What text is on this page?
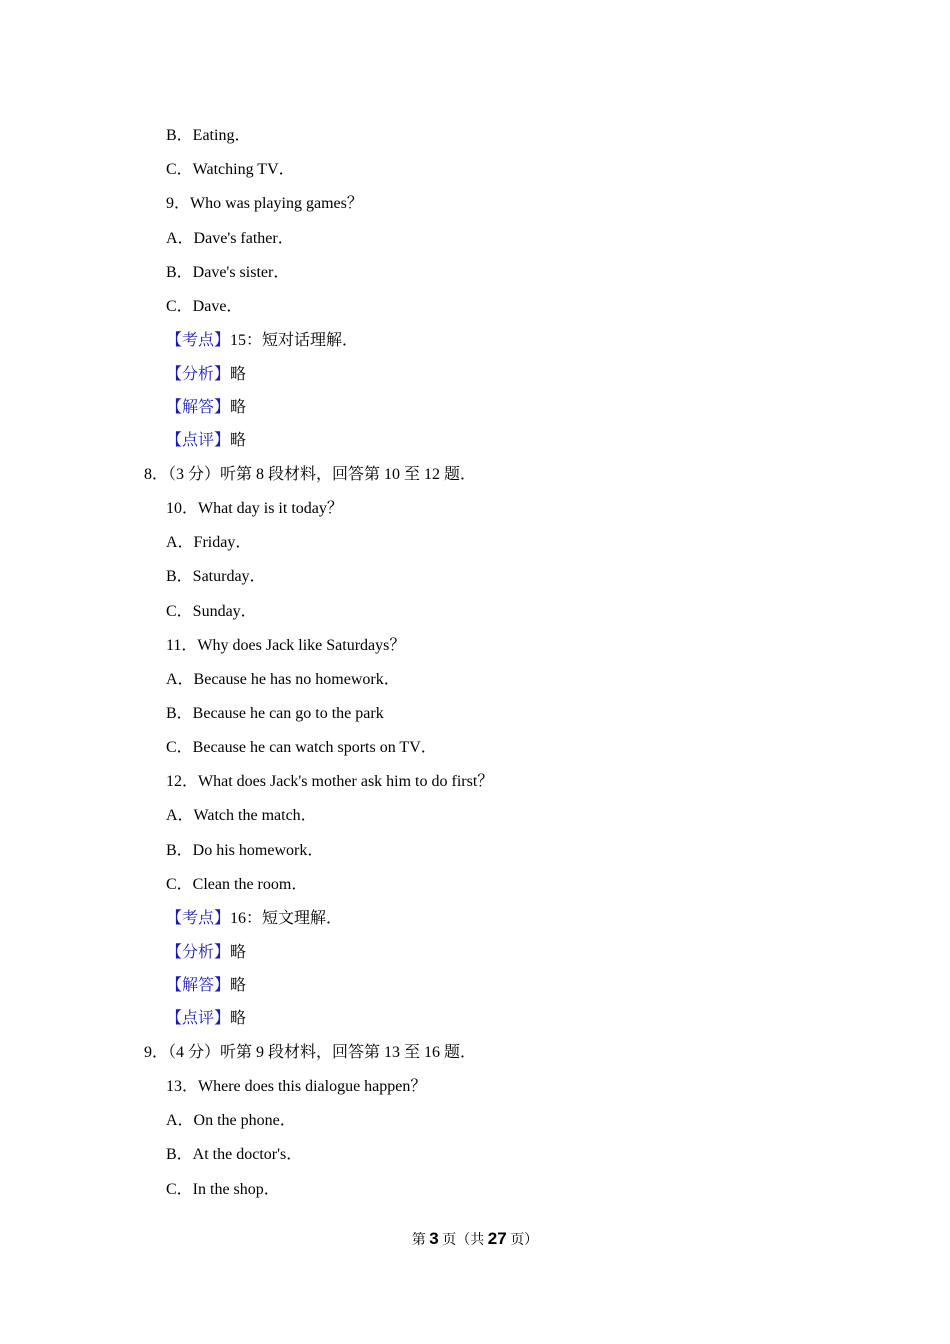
B．Eating．
C．Watching TV．
9．Who was playing games？
A．Dave's father．
B．Dave's sister．
C．Dave．
【考点】15：短对话理解．
【分析】略
【解答】略
【点评】略
8．（3 分）听第 8 段材料，回答第 10 至 12 题．
10．What day is it today？
A．Friday．
B．Saturday．
C．Sunday．
11．Why does Jack like Saturdays？
A．Because he has no homework．
B．Because he can go to the park
C．Because he can watch sports on TV．
12．What does Jack's mother ask him to do first？
A．Watch the match．
B．Do his homework．
C．Clean the room．
【考点】16：短文理解．
【分析】略
【解答】略
【点评】略
9．（4 分）听第 9 段材料，回答第 13 至 16 题．
13．Where does this dialogue happen？
A．On the phone．
B．At the doctor's．
C．In the shop．
第 3 页（共 27 页）
